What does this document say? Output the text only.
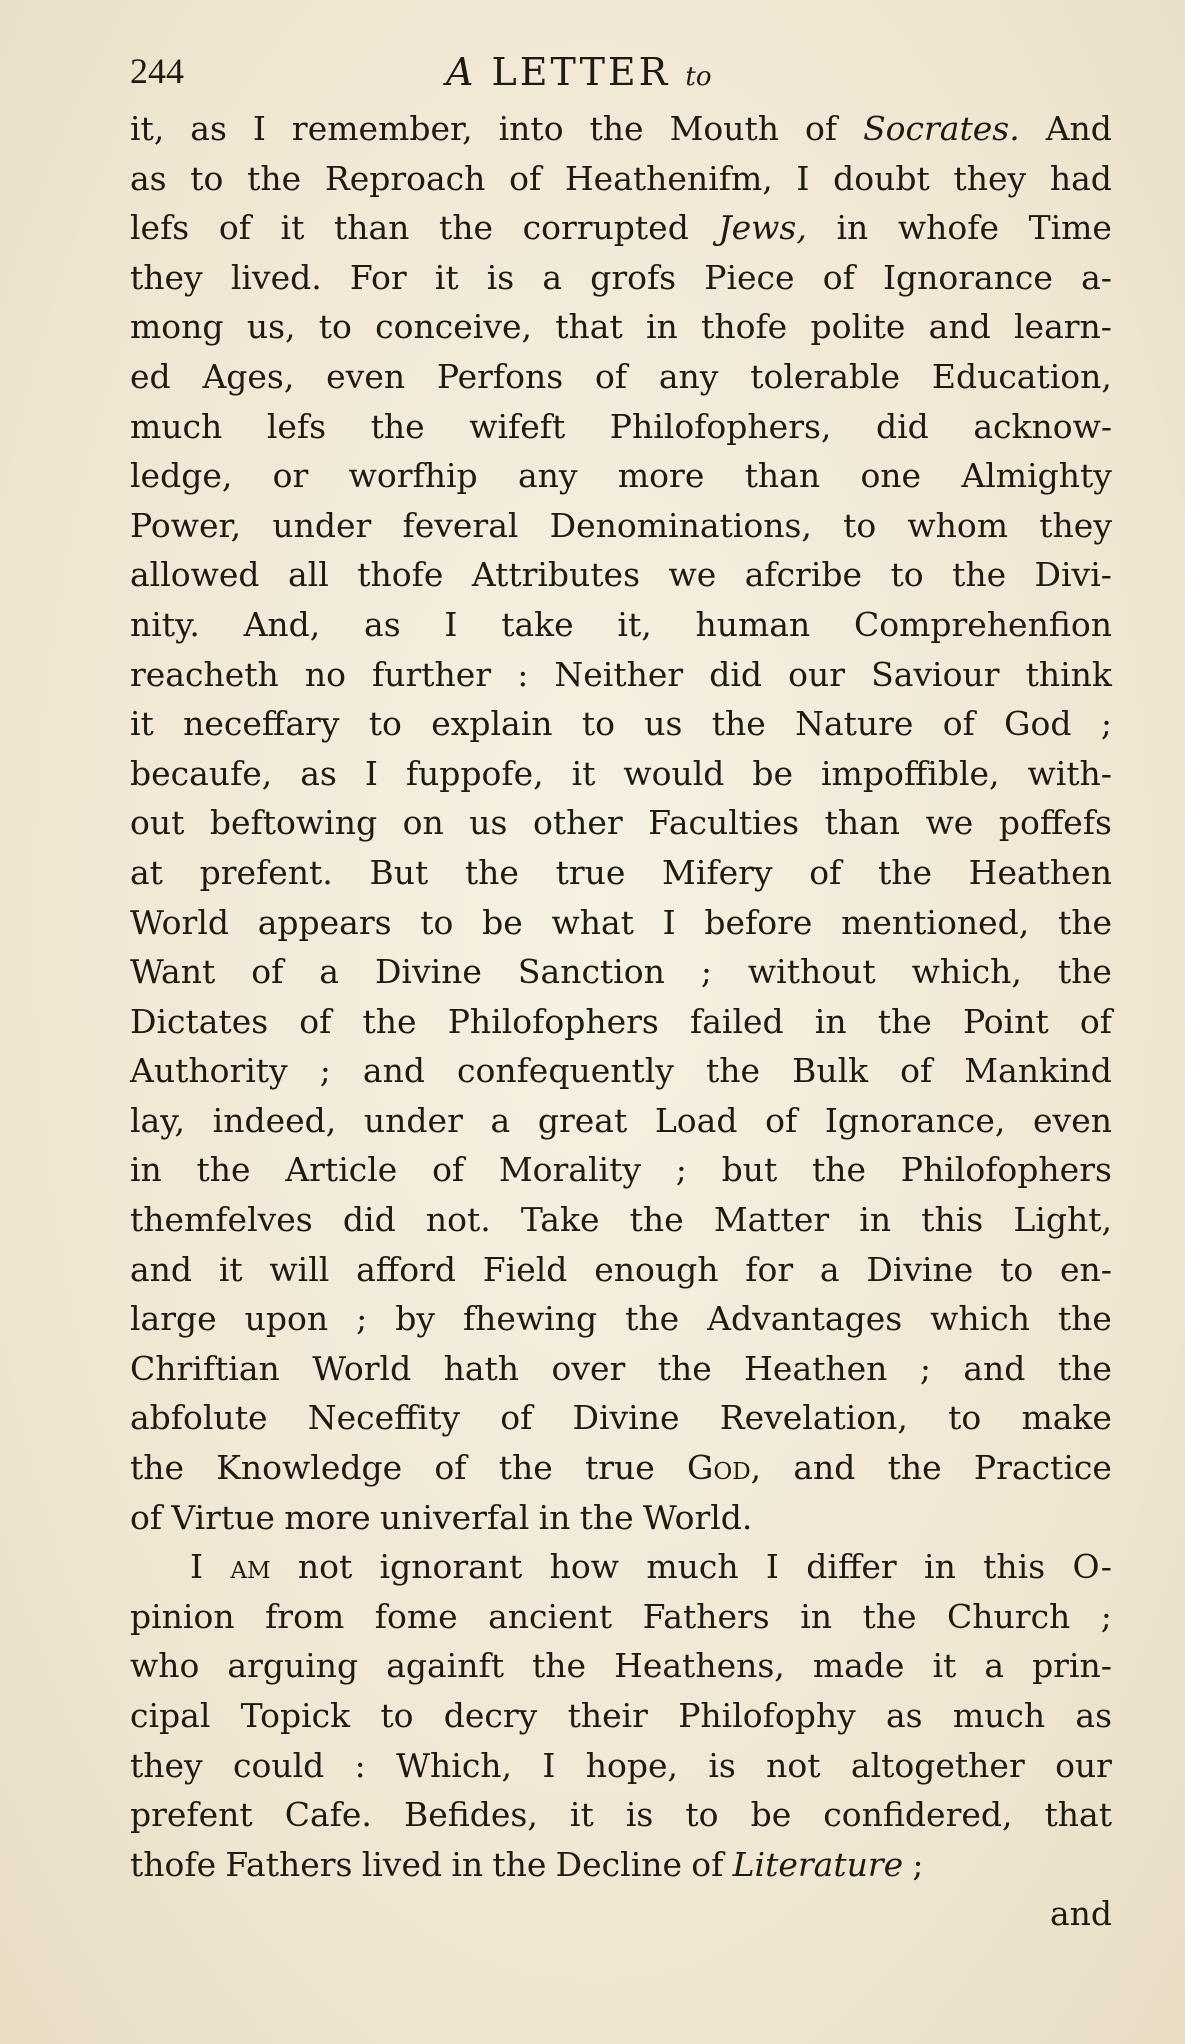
244	A LETTER to
it, as I remember, into the Mouth of Socrates. And
as to the Reproach of Heathenifm, I doubt they had
lefs of it than the corrupted Jews, in whofe Time
they lived. For it is a grofs Piece of Ignorance a-
mong us, to conceive, that in thofe polite and learn-
ed Ages, even Perfons of any tolerable Education,
much lefs the wifeft Philofophers, did acknow-
ledge, or worfhip any more than one Almighty
Power, under feveral Denominations, to whom they
allowed all thofe Attributes we afcribe to the Divi-
nity. And, as I take it, human Comprehenfion
reacheth no further : Neither did our Saviour think
it neceffary to explain to us the Nature of God ;
becaufe, as I fuppofe, it would be impoffible, with-
out beftowing on us other Faculties than we poffefs
at prefent. But the true Mifery of the Heathen
World appears to be what I before mentioned, the
Want of a Divine Sanction ; without which, the
Dictates of the Philofophers failed in the Point of
Authority ; and confequently the Bulk of Mankind
lay, indeed, under a great Load of Ignorance, even
in the Article of Morality ; but the Philofophers
themfelves did not. Take the Matter in this Light,
and it will afford Field enough for a Divine to en-
large upon ; by fhewing the Advantages which the
Chriftian World hath over the Heathen ; and the
abfolute Neceffity of Divine Revelation, to make
the Knowledge of the true God, and the Practice
of Virtue more univerfal in the World.
I am not ignorant how much I differ in this O-
pinion from fome ancient Fathers in the Church ;
who arguing againft the Heathens, made it a prin-
cipal Topick to decry their Philofophy as much as
they could : Which, I hope, is not altogether our
prefent Cafe. Befides, it is to be confidered, that
thofe Fathers lived in the Decline of Literature ;
and
